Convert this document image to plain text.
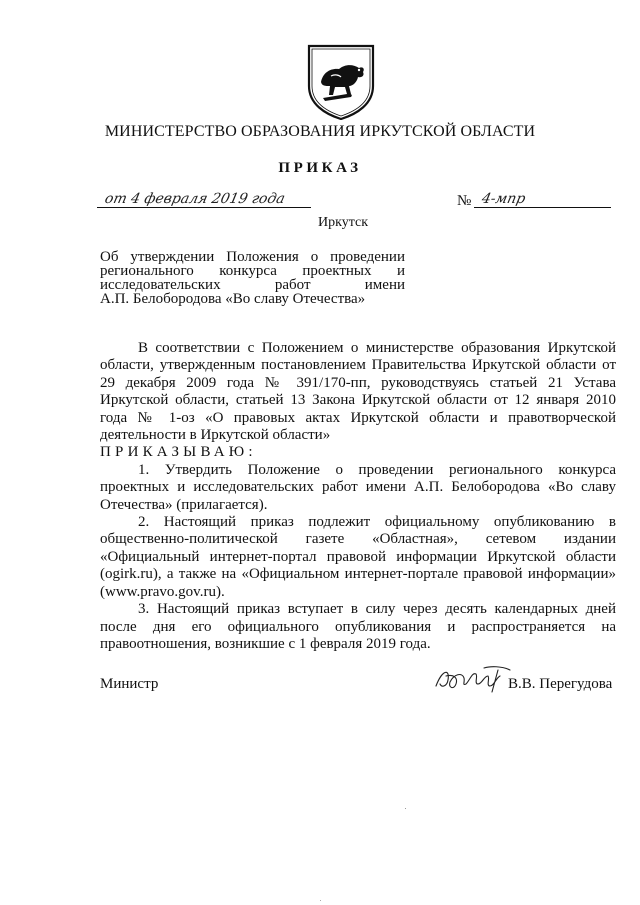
МИНИСТЕРСТВО ОБРАЗОВАНИЯ ИРКУТСКОЙ ОБЛАСТИ
ПРИКАЗ
от 4 февраля 2019 года	№ 4-мпр
Иркутск
Об утверждении Положения о проведении
регионального конкурса проектных и
исследовательских работ имени
А.П. Белобородова «Во славу Отечества»

В соответствии с Положением о министерстве образования Иркутской области, утвержденным постановлением Правительства Иркутской области от 29 декабря 2009 года № 391/170-пп, руководствуясь статьей 21 Устава Иркутской области, статьей 13 Закона Иркутской области от 12 января 2010 года № 1-оз «О правовых актах Иркутской области и правотворческой деятельности в Иркутской области»

ПРИКАЗЫВАЮ:

1. Утвердить Положение о проведении регионального конкурса проектных и исследовательских работ имени А.П. Белобородова «Во славу Отечества» (прилагается).

2. Настоящий приказ подлежит официальному опубликованию в общественно-политической газете «Областная», сетевом издании «Официальный интернет-портал правовой информации Иркутской области (ogirk.ru), а также на «Официальном интернет-портале правовой информации» (www.pravo.gov.ru).

3. Настоящий приказ вступает в силу через десять календарных дней после дня его официального опубликования и распространяется на правоотношения, возникшие с 1 февраля 2019 года.

Министр	В.В. Перегудова
